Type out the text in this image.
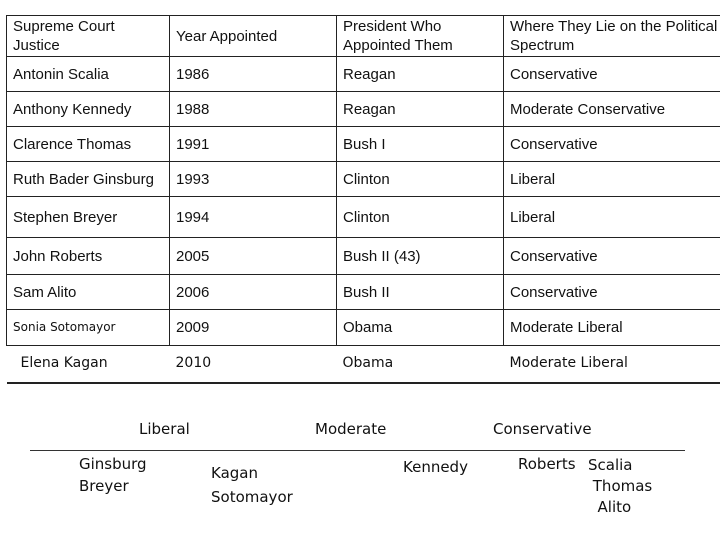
Supreme Court Justice	Year Appointed	President Who Appointed Them	Where They Lie on the Political Spectrum
Antonin Scalia	1986	Reagan	Conservative
Anthony Kennedy	1988	Reagan	Moderate Conservative
Clarence Thomas	1991	Bush I	Conservative
Ruth Bader Ginsburg	1993	Clinton	Liberal
Stephen Breyer	1994	Clinton	Liberal
John Roberts	2005	Bush II (43)	Conservative
Sam Alito	2006	Bush II	Conservative
Sonia Sotomayor	2009	Obama	Moderate Liberal
Elena Kagan	2010	Obama	Moderate Liberal
Liberal	Moderate	Conservative
Ginsburg
Breyer
Kagan
Sotomayor
Kennedy	Roberts Scalia
Thomas
Alito
